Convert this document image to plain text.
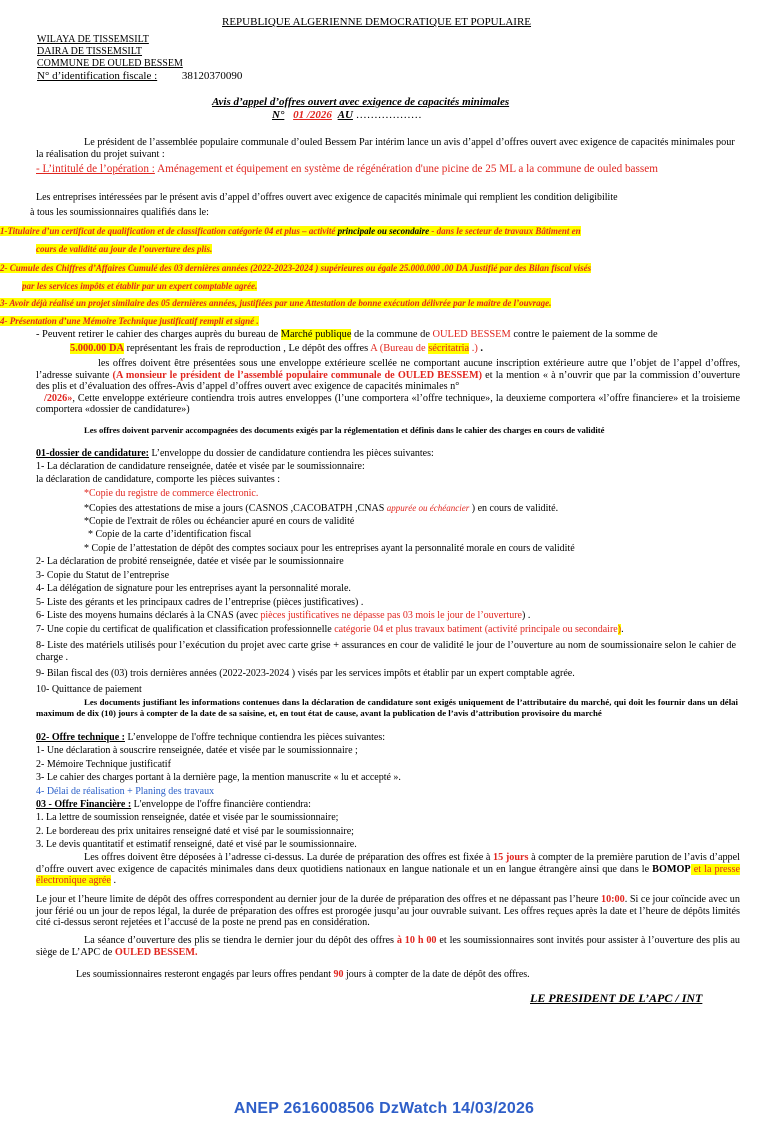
REPUBLIQUE ALGERIENNE DEMOCRATIQUE ET POPULAIRE
WILAYA DE TISSEMSILT
DAIRA DE TISSEMSILT
COMMUNE DE OULED BESSEM
N° d’identification fiscale : 38120370090
Avis d’appel d’offres ouvert avec exigence de capacités minimales
N° 01 /2026 AU ………………
Le président de l’assemblée populaire communale d’ouled Bessem Par intérim lance un avis d’appel d’offres ouvert avec exigence de capacités minimales pour la réalisation du projet suivant :
- L’intitulé de l’opération : Aménagement et équipement en système de régénération d'une picine de 25 ML a la commune de ouled bassem
Les entreprises intéressées par le présent avis d’appel d’offres ouvert avec exigence de capacités minimale qui remplient les condition deligibilite
à tous les soumissionnaires qualifiés dans le:
1-Titulaire d’un certificat de qualification et de classification catégorie 04 et plus – activité principale ou secondaire - dans le secteur de travaux Bâtiment en
cours de validité au jour de l’ouverture des plis.
2- Cumule des Chiffres d’Affaires Cumulé des 03 dernières années (2022-2023-2024 ) supérieures ou égale 25.000.000 .00 DA Justifié par des Bilan fiscal visés
par les services impôts et établir par un expert comptable agrée.
3- Avoir déjà réalisé un projet similaire des 05 dernières années, justifiées par une Attestation de bonne exécution délivrée par le maître de l’ouvrage.
4- Présentation d’une Mémoire Technique justificatif rempli et signé .
- Peuvent retirer le cahier des charges auprès du bureau de Marché publique de la commune de OULED BESSEM contre le paiement de la somme de
5.000.00 DA représentant les frais de reproduction , Le dépôt des offres A (Bureau de sécritatria .) .
les offres doivent être présentées sous une enveloppe extérieure scellée ne comportant aucune inscription extérieure autre que l’objet de l’appel d’offres, l’adresse suivante (A monsieur le président de l’assemblé populaire communale de OULED BESSEM) et la mention « à n’ouvrir que par la commission d’ouverture des plis et d’évaluation des offres-Avis d’appel d’offres ouvert avec exigence de capacités minimales n°
/2026», Cette enveloppe extérieure contiendra trois autres enveloppes (l’une comportera «l’offre technique», la deuxieme comportera «l’offre financiere» et la troisieme comportera «dossier de candidature»)
Les offres doivent parvenir accompagnées des documents exigés par la réglementation et définis dans le cahier des charges en cours de validité
01-dossier de candidature: L’enveloppe du dossier de candidature contiendra les pièces suivantes:
1- La déclaration de candidature renseignée, datée et visée par le soumissionnaire:
la déclaration de candidature, comporte les pièces suivantes :
*Copie du registre de commerce électronic.
*Copies des attestations de mise a jours (CASNOS ,CACOBATPH ,CNAS appurée ou échéancier ) en cours de validité.
*Copie de l'extrait de rôles ou échéancier apuré en cours de validité
* Copie de la carte d’identification fiscal
* Copie de l’attestation de dépôt des comptes sociaux pour les entreprises ayant la personnalité morale en cours de validité
2- La déclaration de probité renseignée, datée et visée par le soumissionnaire
3- Copie du Statut de l’entreprise
4- La délégation de signature pour les entreprises ayant la personnalité morale.
5- Liste des gérants et les principaux cadres de l’entreprise (pièces justificatives) .
6- Liste des moyens humains déclarés à la CNAS (avec pièces justificatives ne dépasse pas 03 mois le jour de l’ouverture) .
7- Une copie du certificat de qualification et classification professionnelle catégorie 04 et plus travaux batiment (activité principale ou secondaire).
8- Liste des matériels utilisés pour l’exécution du projet avec carte grise + assurances en cour de validité le jour de l’ouverture au nom de soumissionaire selon le cahier de charge .
9- Bilan fiscal des (03) trois dernières années (2022-2023-2024 ) visés par les services impôts et établir par un expert comptable agrée.
10- Quittance de paiement
Les documents justifiant les informations contenues dans la déclaration de candidature sont exigés uniquement de l’attributaire du marché, qui doit les fournir dans un délai maximum de dix (10) jours à compter de la date de sa saisine, et, en tout état de cause, avant la publication de l’avis d’attribution provisoire du marché
02- Offre technique : L’enveloppe de l'offre technique contiendra les pièces suivantes:
1- Une déclaration à souscrire renseignée, datée et visée par le soumissionnaire ;
2- Mémoire Technique justificatif
3- Le cahier des charges portant à la dernière page, la mention manuscrite « lu et accepté ».
4- Délai de réalisation + Planing des travaux
03 - Offre Financière : L'enveloppe de l'offre financière contiendra:
1. La lettre de soumission renseignée, datée et visée par le soumissionnaire;
2. Le bordereau des prix unitaires renseigné daté et visé par le soumissionnaire;
3. Le devis quantitatif et estimatif renseigné, daté et visé par le soumissionnaire.
Les offres doivent être déposées à l’adresse ci-dessus. La durée de préparation des offres est fixée à 15 jours à compter de la première parution de l’avis d’appel d’offre ouvert avec exigence de capacités minimales dans deux quotidiens nationaux en langue nationale et un en langue étrangère ainsi que dans le BOMOP et la presse électronique agrée .
Le jour et l’heure limite de dépôt des offres correspondent au dernier jour de la durée de préparation des offres et ne dépassant pas l’heure 10:00. Si ce jour coïncide avec un jour férié ou un jour de repos légal, la durée de préparation des offres est prorogée jusqu’au jour ouvrable suivant. Les offres reçues après la date et l’heure de dépôts limités cité ci-dessus seront rejetées et l’accusé de la poste ne prend pas en considération.
La séance d’ouverture des plis se tiendra le dernier jour du dépôt des offres à 10 h 00 et les soumissionnaires sont invités pour assister à l’ouverture des plis au siège de L’APC de OULED BESSEM.
Les soumissionnaires resteront engagés par leurs offres pendant 90 jours à compter de la date de dépôt des offres.
LE PRESIDENT DE L’APC / INT
ANEP 2616008506 DzWatch 14/03/2026
